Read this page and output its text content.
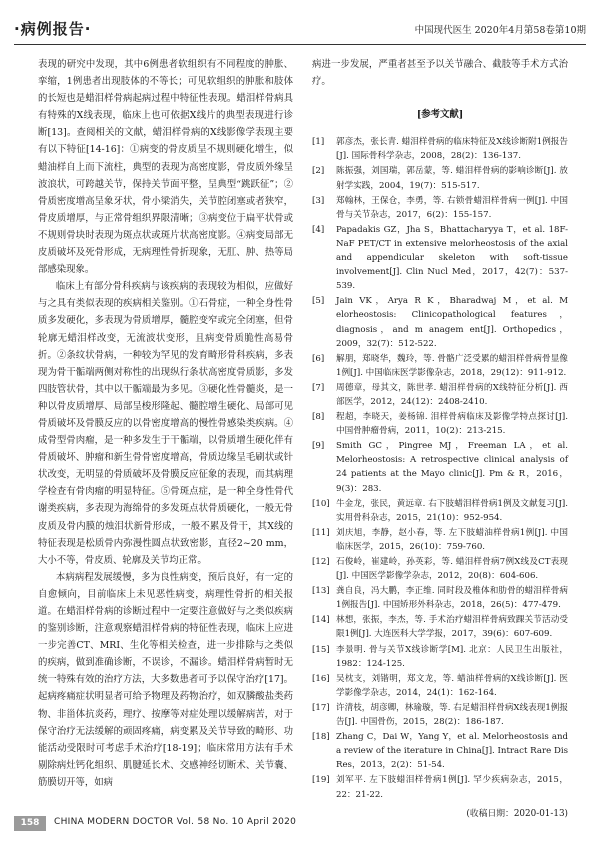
·病例报告·	中国现代医生 2020年4月第58卷第10期

表现的研究中发现，其中6例患者软组织有不同程度的肿胀、挛缩，1例患者出现肢体的不等长；可见软组织的肿胀和肢体的长短也是蜡泪样骨病起病过程中特征性表现。蜡泪样骨病具有特殊的X线表现，临床上也可依据X线片的典型表现进行诊断[13]。查阅相关的文献，蜡泪样骨病的X线影像学表现主要有以下特征[14-16]：①病变的骨皮质呈不规则硬化增生，似蜡油样自上而下流柱，典型的表现为高密度影，骨皮质外缘呈波浪状，可跨越关节，保持关节面平整，呈典型“跳跃征”；②骨质密度增高呈象牙状，骨小梁消失，关节腔闭塞或者狭窄，骨皮质增厚，与正常骨组织界限清晰；③病变位于扁平状骨或不规则骨块时表现为斑点状或斑片状高密度影。④病变局部无皮质破坏及死骨形成，无病理性骨折现象，无肛、肿、热等局部感染现象。

临床上有部分骨科疾病与该疾病的表现较为相似，应做好与之具有类似表现的疾病相关鉴别。①石骨症，一种全身性骨质多发硬化，多表现为骨质增厚，髓腔变窄或完全闭塞，但骨轮廓无蜡泪样改变，无流波状变形，且病变骨质脆性高易骨折。②条纹状骨病，一种较为罕见的发育畸形骨科疾病，多表现为骨干骺端两侧对称性的出现纵行条状高密度骨质影，多发四肢管状骨，其中以干骺端最为多见。③硬化性骨髓炎，是一种以骨皮质增厚、局部呈梭形隆起、髓腔增生硬化、局部可见骨质破坏及骨膜反应的以骨密度增高的慢性骨感染类疾病。④成骨型骨肉瘤，是一种多发生于干骺端，以骨质增生硬化伴有骨质破坏、肿瘤和新生骨骨密度增高，骨质边缘呈毛刷状或针状改变，无明显的骨质破坏及骨膜反应征象的表现，而其病理学检查有骨肉瘤的明显特征。⑤骨斑点症，是一种全身性骨代谢类疾病，多表现为海绵骨的多发斑点状骨质硬化，一般无骨皮质及骨内膜的烛泪状新骨形成，一般不累及骨干，其X线的特征表现是松质骨内弥漫性圆点状致密影，直径2~20 mm，大小不等，骨皮质、轮廓及关节均正常。

本病病程发展缓慢，多为良性病变，预后良好，有一定的自愈倾向，目前临床上未见恶性病变，病理性骨折的相关报道。在蜡泪样骨病的诊断过程中一定要注意做好与之类似疾病的鉴别诊断，注意观察蜡泪样骨病的特征性表现，临床上应进一步完善CT、MRI、生化等相关检查，进一步排除与之类似的疾病，做到准确诊断，不误诊，不漏诊。蜡泪样骨病暂时无统一特殊有效的治疗方法，大多数患者可予以保守治疗[17]。起病疼痛症状明显者可给予物理及药物治疗，如双膦酸盐类药物、非甾体抗炎药，理疗、按摩等对症处理以缓解病苦，对于保守治疗无法缓解的顽固疼痛，病变累及关节导致的畸形、功能活动受限时可考虑手术治疗[18-19]；临床常用方法有手术剔除病灶钙化组织、肌腱延长术、交感神经切断术、关节囊、筋膜切开等，如病

病进一步发展，严重者甚至予以关节融合、截肢等手术方式治疗。

[参考文献]
[1]	郭彦杰，张长青. 蜡泪样骨病的临床特征及X线诊断附1例报告[J]. 国际骨科学杂志，2008，28(2)：136-137.
[2]	陈振强，刘国瑞，郭岳蒙，等. 蜡泪样骨病的影响诊断[J]. 放射学实践，2004，19(7)：515-517.
[3]	郑翰林，王保仓，李勇，等. 右锁骨蜡泪样骨病一例[J]. 中国骨与关节杂志，2017，6(2)：155-157.
[4]	Papadakis GZ，Jha S，Bhattacharyya T，et al. 18F-NaF PET/CT in extensive melorheostosis of the axial and appendicular skeleton with soft-tissue involvement[J]. Clin Nucl Med，2017，42(7)：537-539.
[5]	Jain VK，Arya R K，Bharadwaj M，et al. M elorheostosis: Clinicopathological features，diagnosis，and m anagem ent[J]. Orthopedics，2009，32(7)：512-522.
[6]	解朋，郑晓华，魏玲，等. 骨骼广泛受累的蜡泪样骨病骨显像1例[J]. 中国临床医学影像杂志，2018，29(12)：911-912.
[7]	周德章，母其文，陈世孝. 蜡泪样骨病的X线特征分析[J]. 西部医学，2012，24(12)：2408-2410.
[8]	程超，李晓天，姜杨锦. 泪样骨病临床及影像学特点探讨[J]. 中国骨肿瘤骨病，2011，10(2)：213-215.
[9]	Smith GC，Pingree MJ，Freeman LA，et al. Melorheostosis: A retrospective clinical analysis of 24 patients at the Mayo clinic[J]. Pm & R，2016，9(3)：283.
[10] 牛金龙，张民，黄远章. 右下肢蜡泪样骨病1例及文献复习[J]. 实用骨科杂志，2015，21(10)：952-954.
[11] 刘庆旭，李静，赵小春，等. 左下肢蜡油样骨病1例[J]. 中国临床医学，2015，26(10)：759-760.
[12] 石俊岭，崔建岭，孙英彩，等. 蜡泪样骨病7例X线及CT表现[J]. 中国医学影像学杂志，2012，20(8)：604-606.
[13] 龚自良，冯大鹏，李正维. 同时段及椎体和肋骨的蜡泪样骨病1例报告[J]. 中国矫形外科杂志，2018，26(5)：477-479.
[14] 林想，张振，李杰，等. 手术治疗蜡泪样骨病致踝关节活动受限1例[J]. 大连医科大学学报，2017，39(6)：607-609.
[15] 李景明. 骨与关节X线诊断学[M]. 北京：人民卫生出版社，1982：124-125.
[16] 吴枕支，刘锴明，郑文龙，等. 蜡油样骨病的X线诊断[J]. 医学影像学杂志，2014，24(1)：162-164.
[17] 许清枝，胡彦卿，林瑜璇，等. 右足蜡泪样骨病X线表现1例报告[J]. 中国骨伤，2015，28(2)：186-187.
[18] Zhang C，Dai W，Yang Y，et al. Melorheostosis and a review of the iterature in China[J]. Intract Rare Dis Res，2013，2(2)：51-54.
[19] 刘军平. 左下肢蜡泪样骨病1例[J]. 罕少疾病杂志，2015，22：21-22.
(收稿日期：2020-01-13)
158	CHINA MODERN DOCTOR Vol. 58 No. 10 April 2020
